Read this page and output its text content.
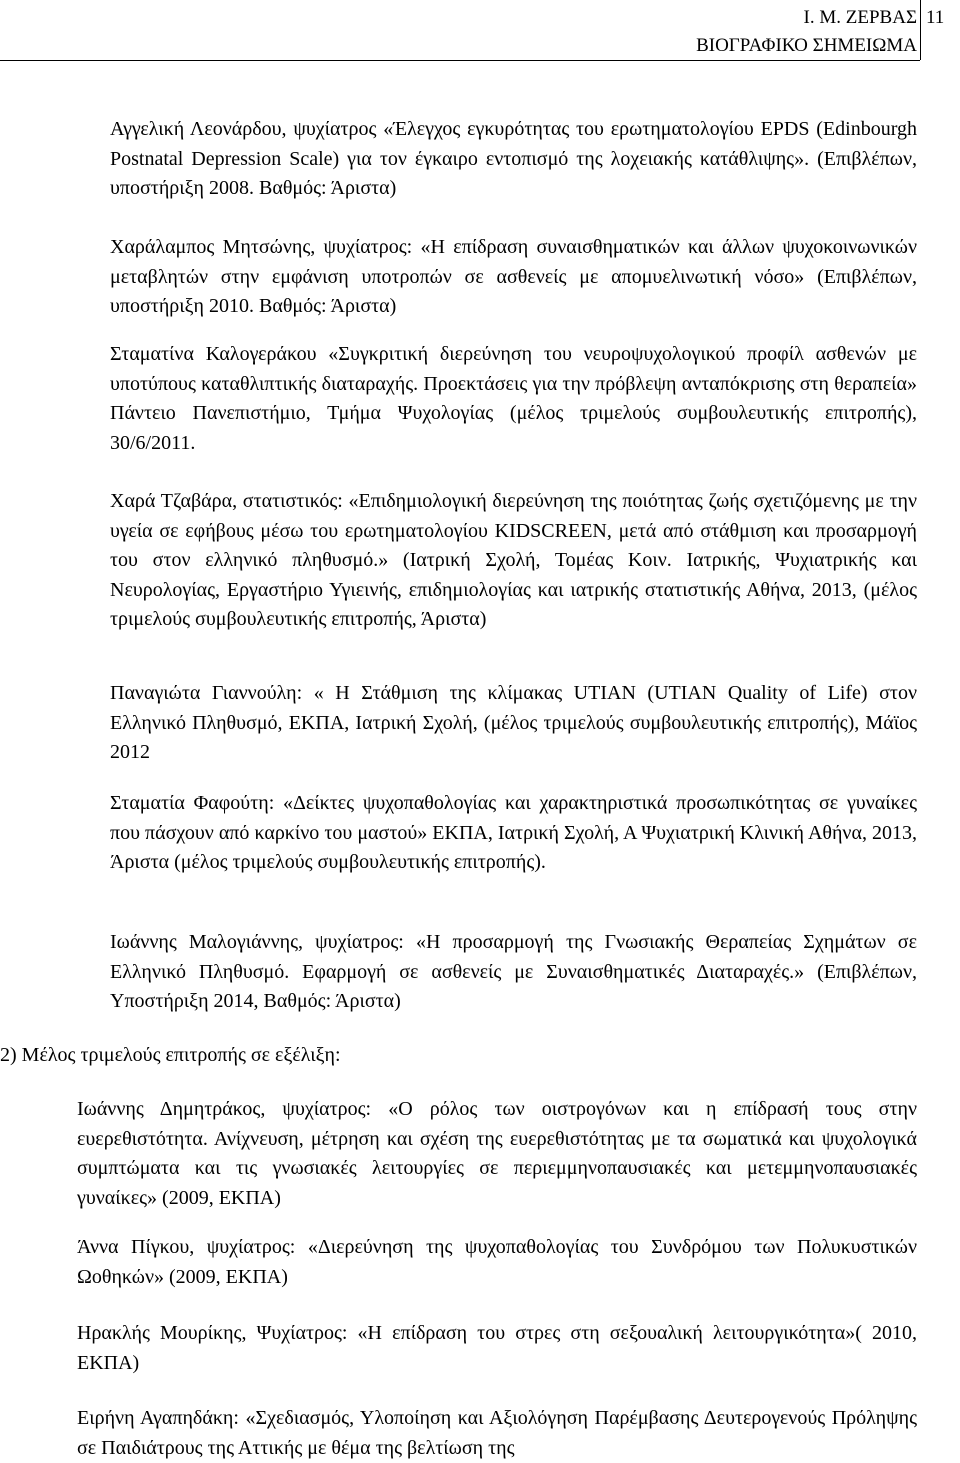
Ι. Μ. ΖΕΡΒΑΣ
ΒΙΟΓΡΑΦΙΚΟ ΣΗΜΕΙΩΜΑ
11

Αγγελική Λεονάρδου, ψυχίατρος «Έλεγχος εγκυρότητας του ερωτηματολογίου EPDS (Edinbourgh Postnatal Depression Scale) για τον έγκαιρο εντοπισμό της λοχειακής κατάθλιψης». (Επιβλέπων, υποστήριξη 2008. Βαθμός: Άριστα)

Χαράλαμπος Μητσώνης, ψυχίατρος: «Η επίδραση συναισθηματικών και άλλων ψυχοκοινωνικών μεταβλητών στην εμφάνιση υποτροπών σε ασθενείς με απομυελινωτική νόσο» (Επιβλέπων, υποστήριξη 2010. Βαθμός: Άριστα)

Σταματίνα Καλογεράκου «Συγκριτική διερεύνηση του νευροψυχολογικού προφίλ ασθενών με υποτύπους καταθλιπτικής διαταραχής. Προεκτάσεις για την πρόβλεψη ανταπόκρισης στη θεραπεία» Πάντειο Πανεπιστήμιο, Τμήμα Ψυχολογίας (μέλος τριμελούς συμβουλευτικής επιτροπής), 30/6/2011.

Χαρά Τζαβάρα, στατιστικός: «Επιδημιολογική διερεύνηση της ποιότητας ζωής σχετιζόμενης με την υγεία σε εφήβους μέσω του ερωτηματολογίου KIDSCREEN, μετά από στάθμιση και προσαρμογή του στον ελληνικό πληθυσμό.» (Ιατρική Σχολή, Τομέας Κοιν. Ιατρικής, Ψυχιατρικής και Νευρολογίας, Εργαστήριο Υγιεινής, επιδημιολογίας και ιατρικής στατιστικής Αθήνα, 2013, (μέλος τριμελούς συμβουλευτικής επιτροπής, Άριστα)

Παναγιώτα Γιαννούλη: « Η Στάθμιση της κλίμακας UTIAN (UTIAN Quality of Life) στον Ελληνικό Πληθυσμό, ΕΚΠΑ, Ιατρική Σχολή, (μέλος τριμελούς συμβουλευτικής επιτροπής), Μάϊος 2012

Σταματία Φαφούτη: «Δείκτες ψυχοπαθολογίας και χαρακτηριστικά προσωπικότητας σε γυναίκες που πάσχουν από καρκίνο του μαστού» ΕΚΠΑ, Ιατρική Σχολή, Α Ψυχιατρική Κλινική Αθήνα, 2013, Άριστα (μέλος τριμελούς συμβουλευτικής επιτροπής).

Ιωάννης Μαλογιάννης, ψυχίατρος: «Η προσαρμογή της Γνωσιακής Θεραπείας Σχημάτων σε Ελληνικό Πληθυσμό. Εφαρμογή σε ασθενείς με Συναισθηματικές Διαταραχές.» (Επιβλέπων, Υποστήριξη 2014, Βαθμός: Άριστα)

2) Μέλος τριμελούς επιτροπής σε εξέλιξη:

Ιωάννης Δημητράκος, ψυχίατρος: «Ο ρόλος των οιστρογόνων και η επίδρασή τους στην ευερεθιστότητα. Ανίχνευση, μέτρηση και σχέση της ευερεθιστότητας με τα σωματικά και ψυχολογικά συμπτώματα και τις γνωσιακές λειτουργίες σε περιεμμηνοπαυσιακές και μετεμμηνοπαυσιακές γυναίκες» (2009, ΕΚΠΑ)

Άννα Πίγκου, ψυχίατρος: «Διερεύνηση της ψυχοπαθολογίας του Συνδρόμου των Πολυκυστικών Ωοθηκών» (2009, ΕΚΠΑ)

Ηρακλής Μουρίκης, Ψυχίατρος: «Η επίδραση του στρες στη σεξουαλική λειτουργικότητα»( 2010, ΕΚΠΑ)

Ειρήνη Αγαπηδάκη: «Σχεδιασμός, Υλοποίηση και Αξιολόγηση Παρέμβασης Δευτερογενούς Πρόληψης σε Παιδιάτρους της Αττικής με θέμα της βελτίωση της
